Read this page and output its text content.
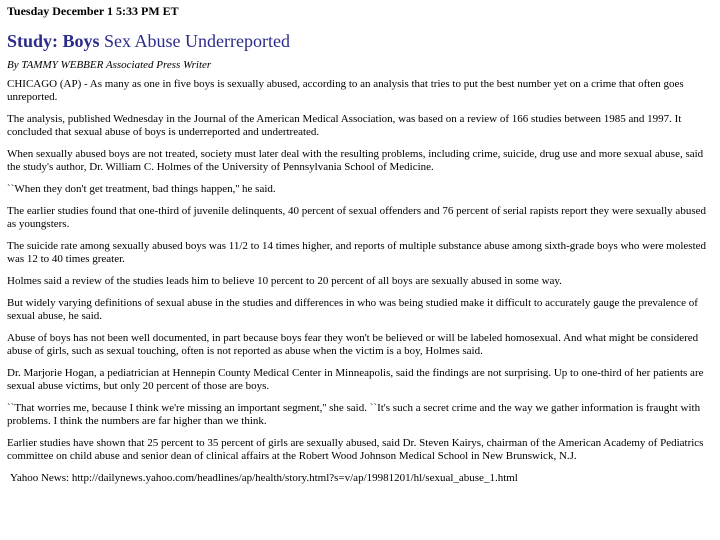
Tuesday December 1 5:33 PM ET

Study: Boys Sex Abuse Underreported

By TAMMY WEBBER Associated Press Writer

CHICAGO (AP) - As many as one in five boys is sexually abused, according to an analysis that tries to put the best number yet on a crime that often goes unreported.

The analysis, published Wednesday in the Journal of the American Medical Association, was based on a review of 166 studies between 1985 and 1997. It concluded that sexual abuse of boys is underreported and undertreated.

When sexually abused boys are not treated, society must later deal with the resulting problems, including crime, suicide, drug use and more sexual abuse, said the study's author, Dr. William C. Holmes of the University of Pennsylvania School of Medicine.

``When they don't get treatment, bad things happen,'' he said.

The earlier studies found that one-third of juvenile delinquents, 40 percent of sexual offenders and 76 percent of serial rapists report they were sexually abused as youngsters.

The suicide rate among sexually abused boys was 11/2 to 14 times higher, and reports of multiple substance abuse among sixth-grade boys who were molested was 12 to 40 times greater.

Holmes said a review of the studies leads him to believe 10 percent to 20 percent of all boys are sexually abused in some way.

But widely varying definitions of sexual abuse in the studies and differences in who was being studied make it difficult to accurately gauge the prevalence of sexual abuse, he said.

Abuse of boys has not been well documented, in part because boys fear they won't be believed or will be labeled homosexual. And what might be considered abuse of girls, such as sexual touching, often is not reported as abuse when the victim is a boy, Holmes said.

Dr. Marjorie Hogan, a pediatrician at Hennepin County Medical Center in Minneapolis, said the findings are not surprising. Up to one-third of her patients are sexual abuse victims, but only 20 percent of those are boys.

``That worries me, because I think we're missing an important segment,'' she said. ``It's such a secret crime and the way we gather information is fraught with problems. I think the numbers are far higher than we think.

Earlier studies have shown that 25 percent to 35 percent of girls are sexually abused, said Dr. Steven Kairys, chairman of the American Academy of Pediatrics committee on child abuse and senior dean of clinical affairs at the Robert Wood Johnson Medical School in New Brunswick, N.J.

Yahoo News: http://dailynews.yahoo.com/headlines/ap/health/story.html?s=v/ap/19981201/hl/sexual_abuse_1.html
